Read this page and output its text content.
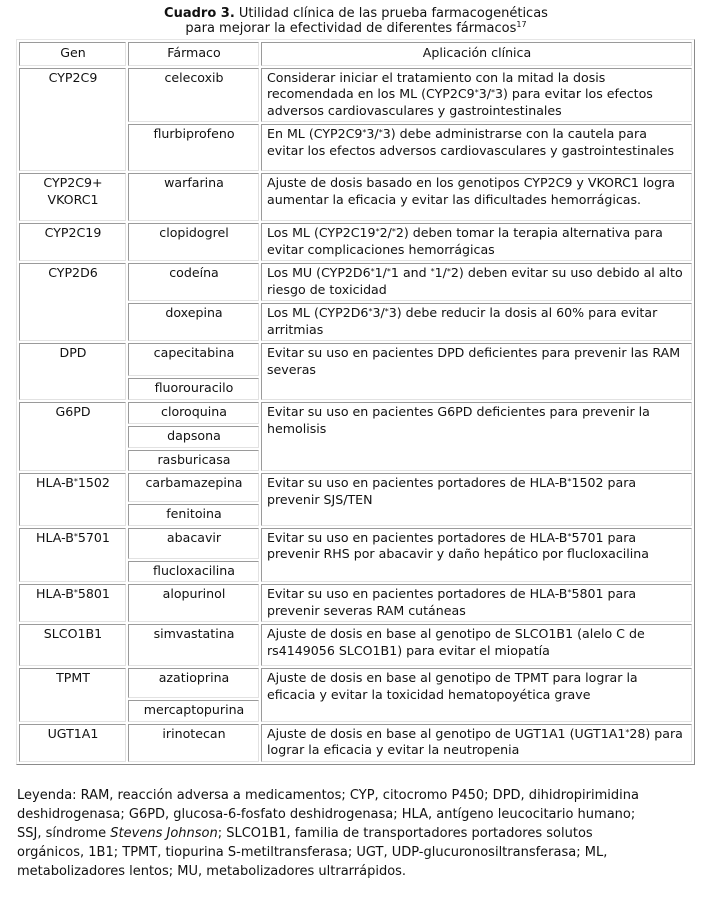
Cuadro 3. Utilidad clínica de las prueba farmacogenéticas
para mejorar la efectividad de diferentes fármacos$^{17}$
Gen	Fármaco	Aplicación clínica
CYP2C9	celecoxib	Considerar iniciar el tratamiento con la mitad la dosis recomendada en los ML (CYP2C9*3/*3) para evitar los efectos adversos cardiovasculares y gastrointestinales
	flurbiprofeno	En ML (CYP2C9*3/*3) debe administrarse con la cautela para evitar los efectos adversos cardiovasculares y gastrointestinales
CYP2C9+ VKORC1	warfarina	Ajuste de dosis basado en los genotipos CYP2C9 y VKORC1 logra aumentar la eficacia y evitar las dificultades hemorrágicas.
CYP2C19	clopidogrel	Los ML (CYP2C19*2/*2) deben tomar la terapia alternativa para evitar complicaciones hemorrágicas
CYP2D6	codeína	Los MU (CYP2D6*1/*1 and *1/*2) deben evitar su uso debido al alto riesgo de toxicidad
	doxepina	Los ML (CYP2D6*3/*3) debe reducir la dosis al 60% para evitar arritmias
DPD	capecitabina	Evitar su uso en pacientes DPD deficientes para prevenir las RAM severas
	fluorouracilo	
G6PD	cloroquina	Evitar su uso en pacientes G6PD deficientes para prevenir la hemolisis
	dapsona	
	rasburicasa	
HLA-B*1502	carbamazepina	Evitar su uso en pacientes portadores de HLA-B*1502 para prevenir SJS/TEN
	fenitoina	
HLA-B*5701	abacavir	Evitar su uso en pacientes portadores de HLA-B*5701 para prevenir RHS por abacavir y daño hepático por flucloxacilina
	flucloxacilina	
HLA-B*5801	alopurinol	Evitar su uso en pacientes portadores de HLA-B*5801 para prevenir severas RAM cutáneas
SLCO1B1	simvastatina	Ajuste de dosis en base al genotipo de SLCO1B1 (alelo C de rs4149056 SLCO1B1) para evitar el miopatía
TPMT	azatioprina	Ajuste de dosis en base al genotipo de TPMT para lograr la eficacia y evitar la toxicidad hematopoyética grave
	mercaptopurina	
UGT1A1	irinotecan	Ajuste de dosis en base al genotipo de UGT1A1 (UGT1A1*28) para lograr la eficacia y evitar la neutropenia
Leyenda: RAM, reacción adversa a medicamentos; CYP, citocromo P450; DPD, dihidropirimidina deshidrogenasa; G6PD, glucosa-6-fosfato deshidrogenasa; HLA, antígeno leucocitario humano; SSJ, síndrome Stevens Johnson; SLCO1B1, familia de transportadores portadores solutos orgánicos, 1B1; TPMT, tiopurina S-metiltransferasa; UGT, UDP-glucuronosiltransferasa; ML, metabolizadores lentos; MU, metabolizadores ultrarrápidos.
